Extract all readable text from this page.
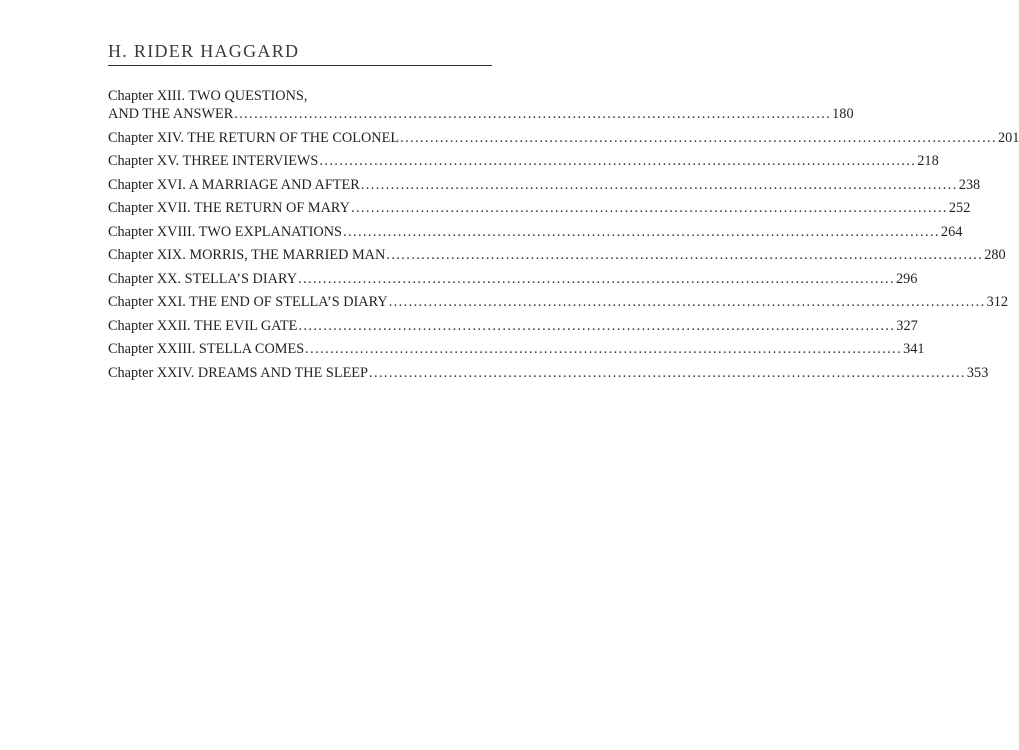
H. RIDER HAGGARD
Chapter XIII. TWO QUESTIONS,
AND THE ANSWER ........................................................................................................................ 180
Chapter XIV. THE RETURN OF THE COLONEL ........................................................................................................................ 201
Chapter XV. THREE INTERVIEWS ........................................................................................................................ 218
Chapter XVI. A MARRIAGE AND AFTER ........................................................................................................................ 238
Chapter XVII. THE RETURN OF MARY ........................................................................................................................ 252
Chapter XVIII. TWO EXPLANATIONS ........................................................................................................................ 264
Chapter XIX. MORRIS, THE MARRIED MAN ........................................................................................................................ 280
Chapter XX. STELLA’S DIARY ........................................................................................................................ 296
Chapter XXI. THE END OF STELLA’S DIARY ........................................................................................................................ 312
Chapter XXII. THE EVIL GATE ........................................................................................................................ 327
Chapter XXIII. STELLA COMES ........................................................................................................................ 341
Chapter XXIV. DREAMS AND THE SLEEP ........................................................................................................................ 353
